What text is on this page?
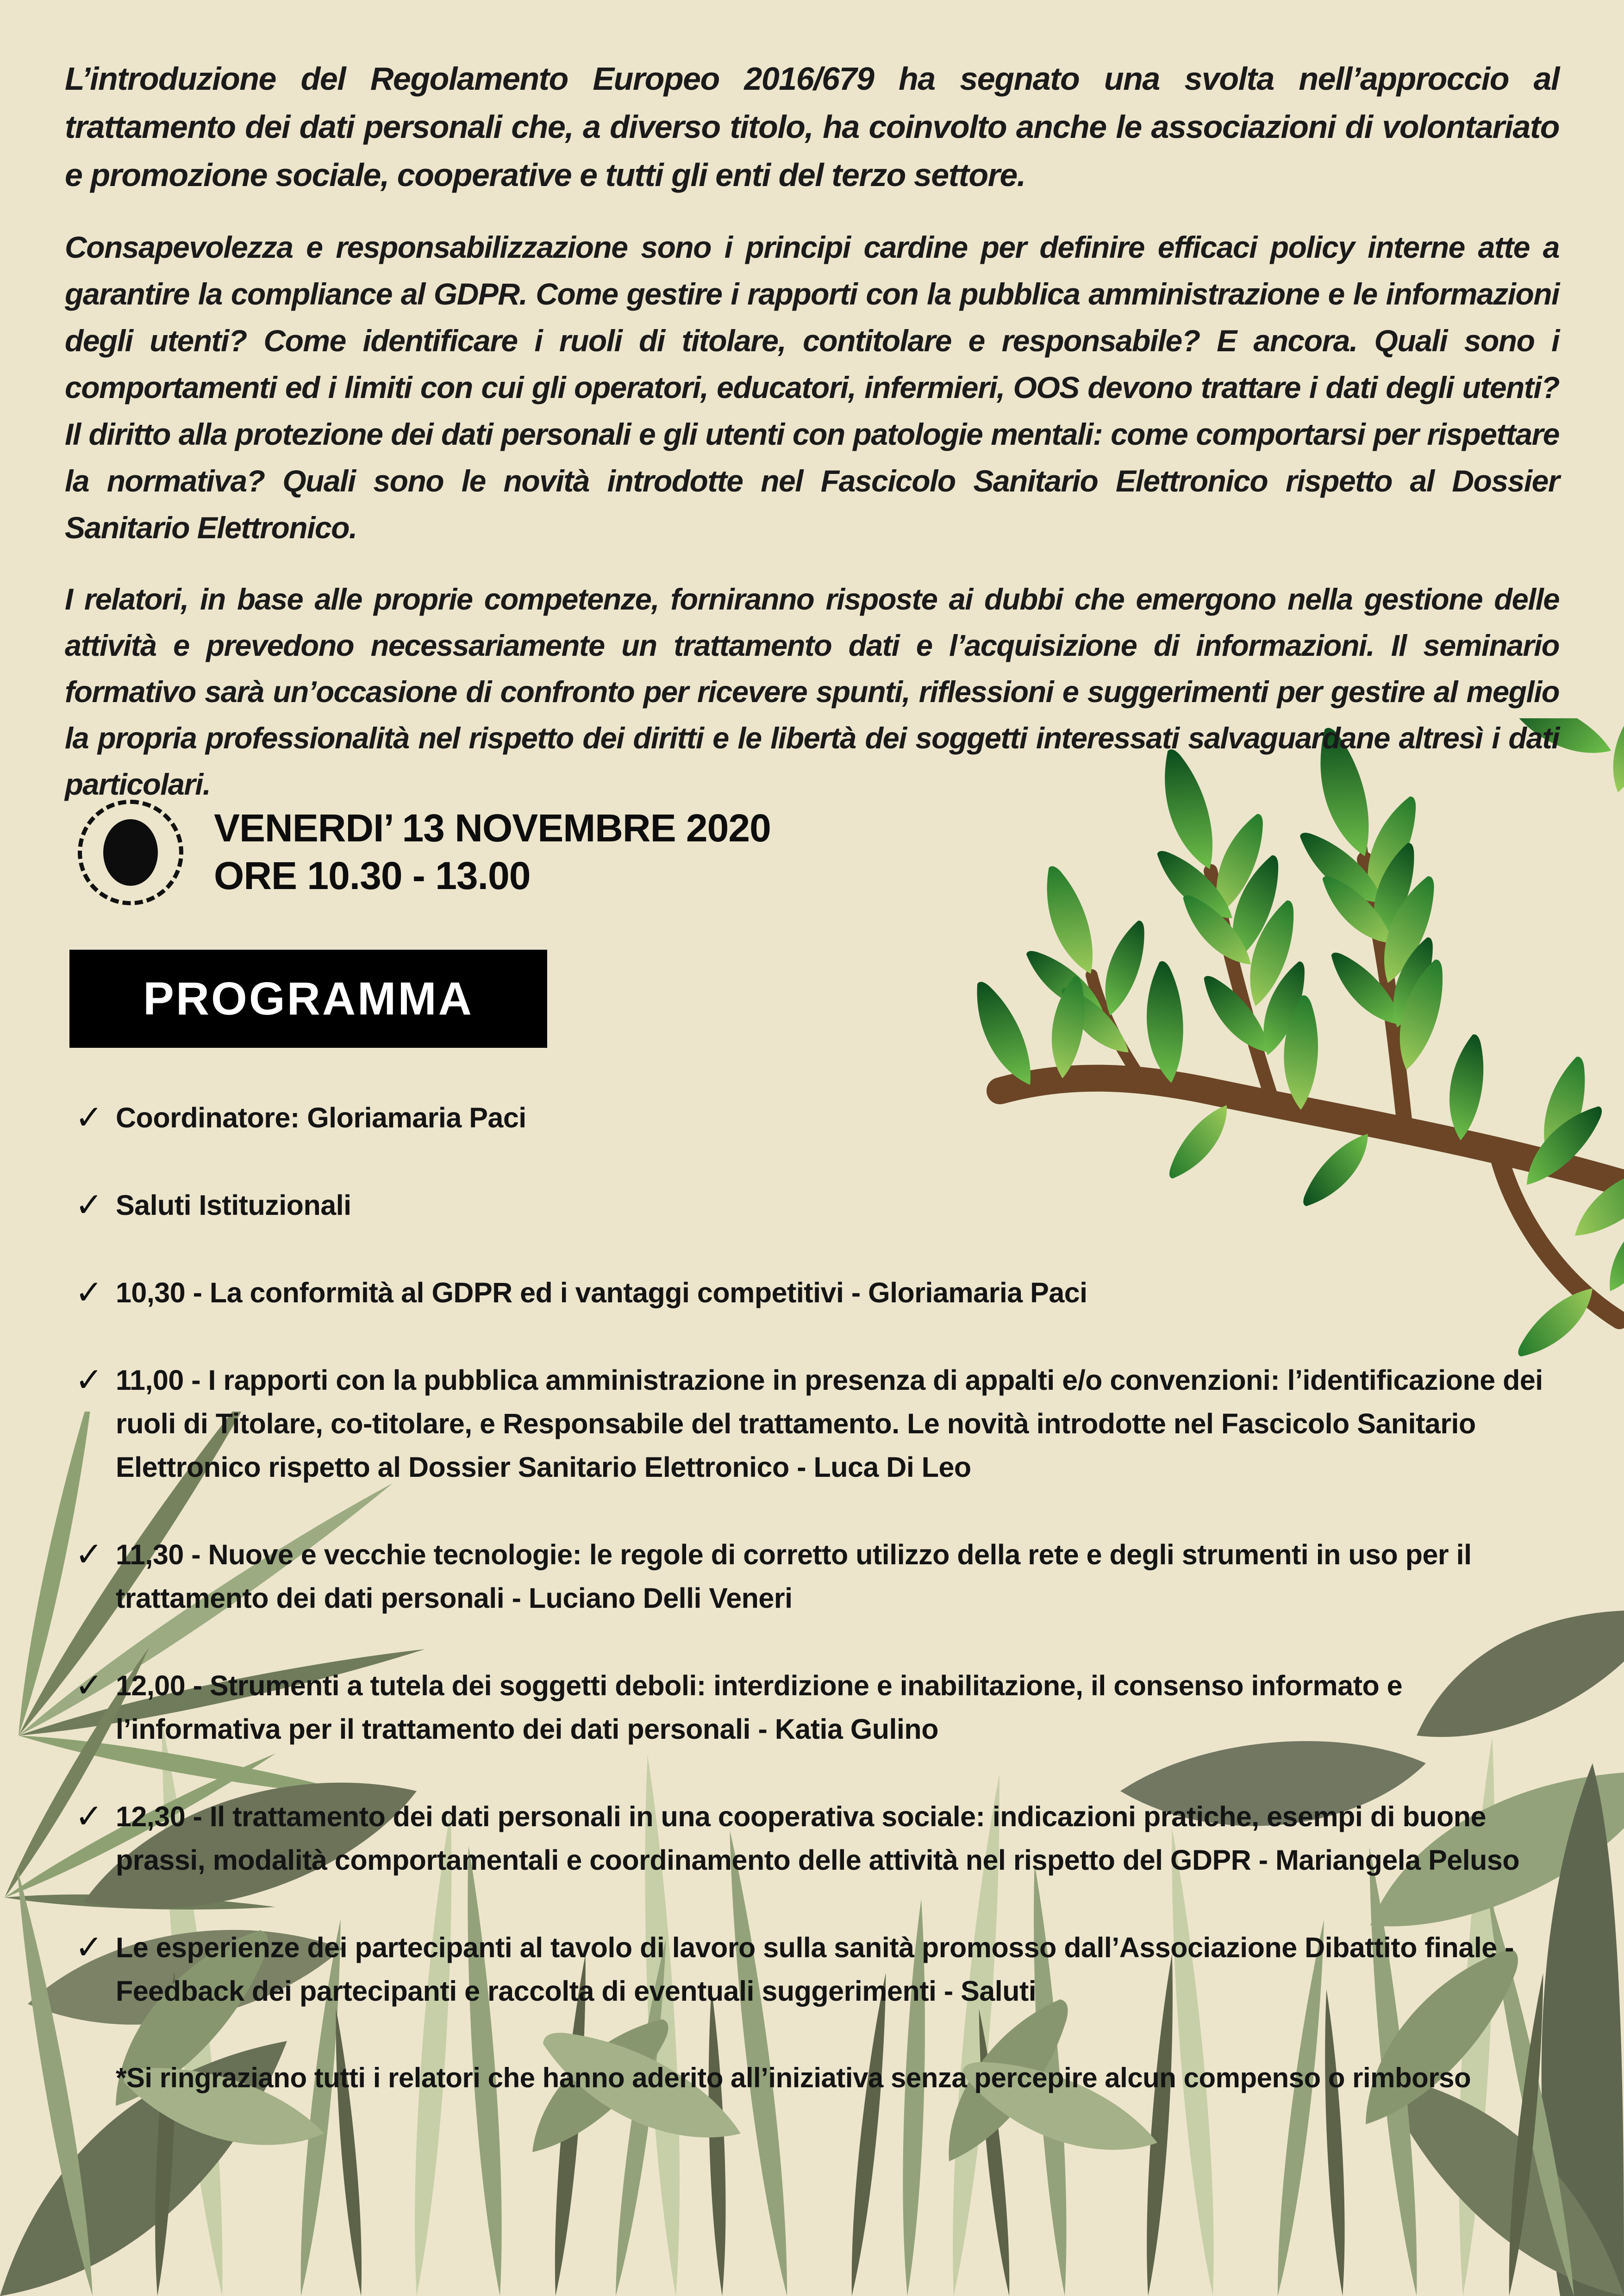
L’introduzione del Regolamento Europeo 2016/679 ha segnato una svolta nell’approccio al trattamento dei dati personali che, a diverso titolo, ha coinvolto anche le associazioni di volontariato e promozione sociale, cooperative e tutti gli enti del terzo settore.

Consapevolezza e responsabilizzazione sono i principi cardine per definire efficaci policy interne atte a garantire la compliance al GDPR. Come gestire i rapporti con la pubblica amministrazione e le informazioni degli utenti? Come identificare i ruoli di titolare, contitolare e responsabile? E ancora. Quali sono i comportamenti ed i limiti con cui gli operatori, educatori, infermieri, OOS devono trattare i dati degli utenti? Il diritto alla protezione dei dati personali e gli utenti con patologie mentali: come comportarsi per rispettare la normativa? Quali sono le novità introdotte nel Fascicolo Sanitario Elettronico rispetto al Dossier Sanitario Elettronico.

I relatori, in base alle proprie competenze, forniranno risposte ai dubbi che emergono nella gestione delle attività e prevedono necessariamente un trattamento dati e l’acquisizione di informazioni. Il seminario formativo sarà un’occasione di confronto per ricevere spunti, riflessioni e suggerimenti per gestire al meglio la propria professionalità nel rispetto dei diritti e le libertà dei soggetti interessati salvaguardane altresì i dati particolari.

VENERDI’ 13 NOVEMBRE 2020
ORE 10.30 - 13.00
PROGRAMMA
✓ Coordinatore: Gloriamaria Paci
✓ Saluti Istituzionali
✓ 10,30 - La conformità al GDPR ed i vantaggi competitivi - Gloriamaria Paci
✓ 11,00 - I rapporti con la pubblica amministrazione in presenza di appalti e/o convenzioni: l’identificazione dei ruoli di Titolare, co-titolare, e Responsabile del trattamento. Le novità introdotte nel Fascicolo Sanitario Elettronico rispetto al Dossier Sanitario Elettronico - Luca Di Leo
✓ 11,30 - Nuove e vecchie tecnologie: le regole di corretto utilizzo della rete e degli strumenti in uso per il trattamento dei dati personali - Luciano Delli Veneri
✓ 12,00 - Strumenti a tutela dei soggetti deboli: interdizione e inabilitazione, il consenso informato e l’informativa per il trattamento dei dati personali - Katia Gulino
✓ 12,30 - Il trattamento dei dati personali in una cooperativa sociale: indicazioni pratiche, esempi di buone prassi, modalità comportamentali e coordinamento delle attività nel rispetto del GDPR - Mariangela Peluso
✓ Le esperienze dei partecipanti al tavolo di lavoro sulla sanità promosso dall’Associazione Dibattito finale - Feedback dei partecipanti e raccolta di eventuali suggerimenti - Saluti
*Si ringraziano tutti i relatori che hanno aderito all’iniziativa senza percepire alcun compenso o rimborso
